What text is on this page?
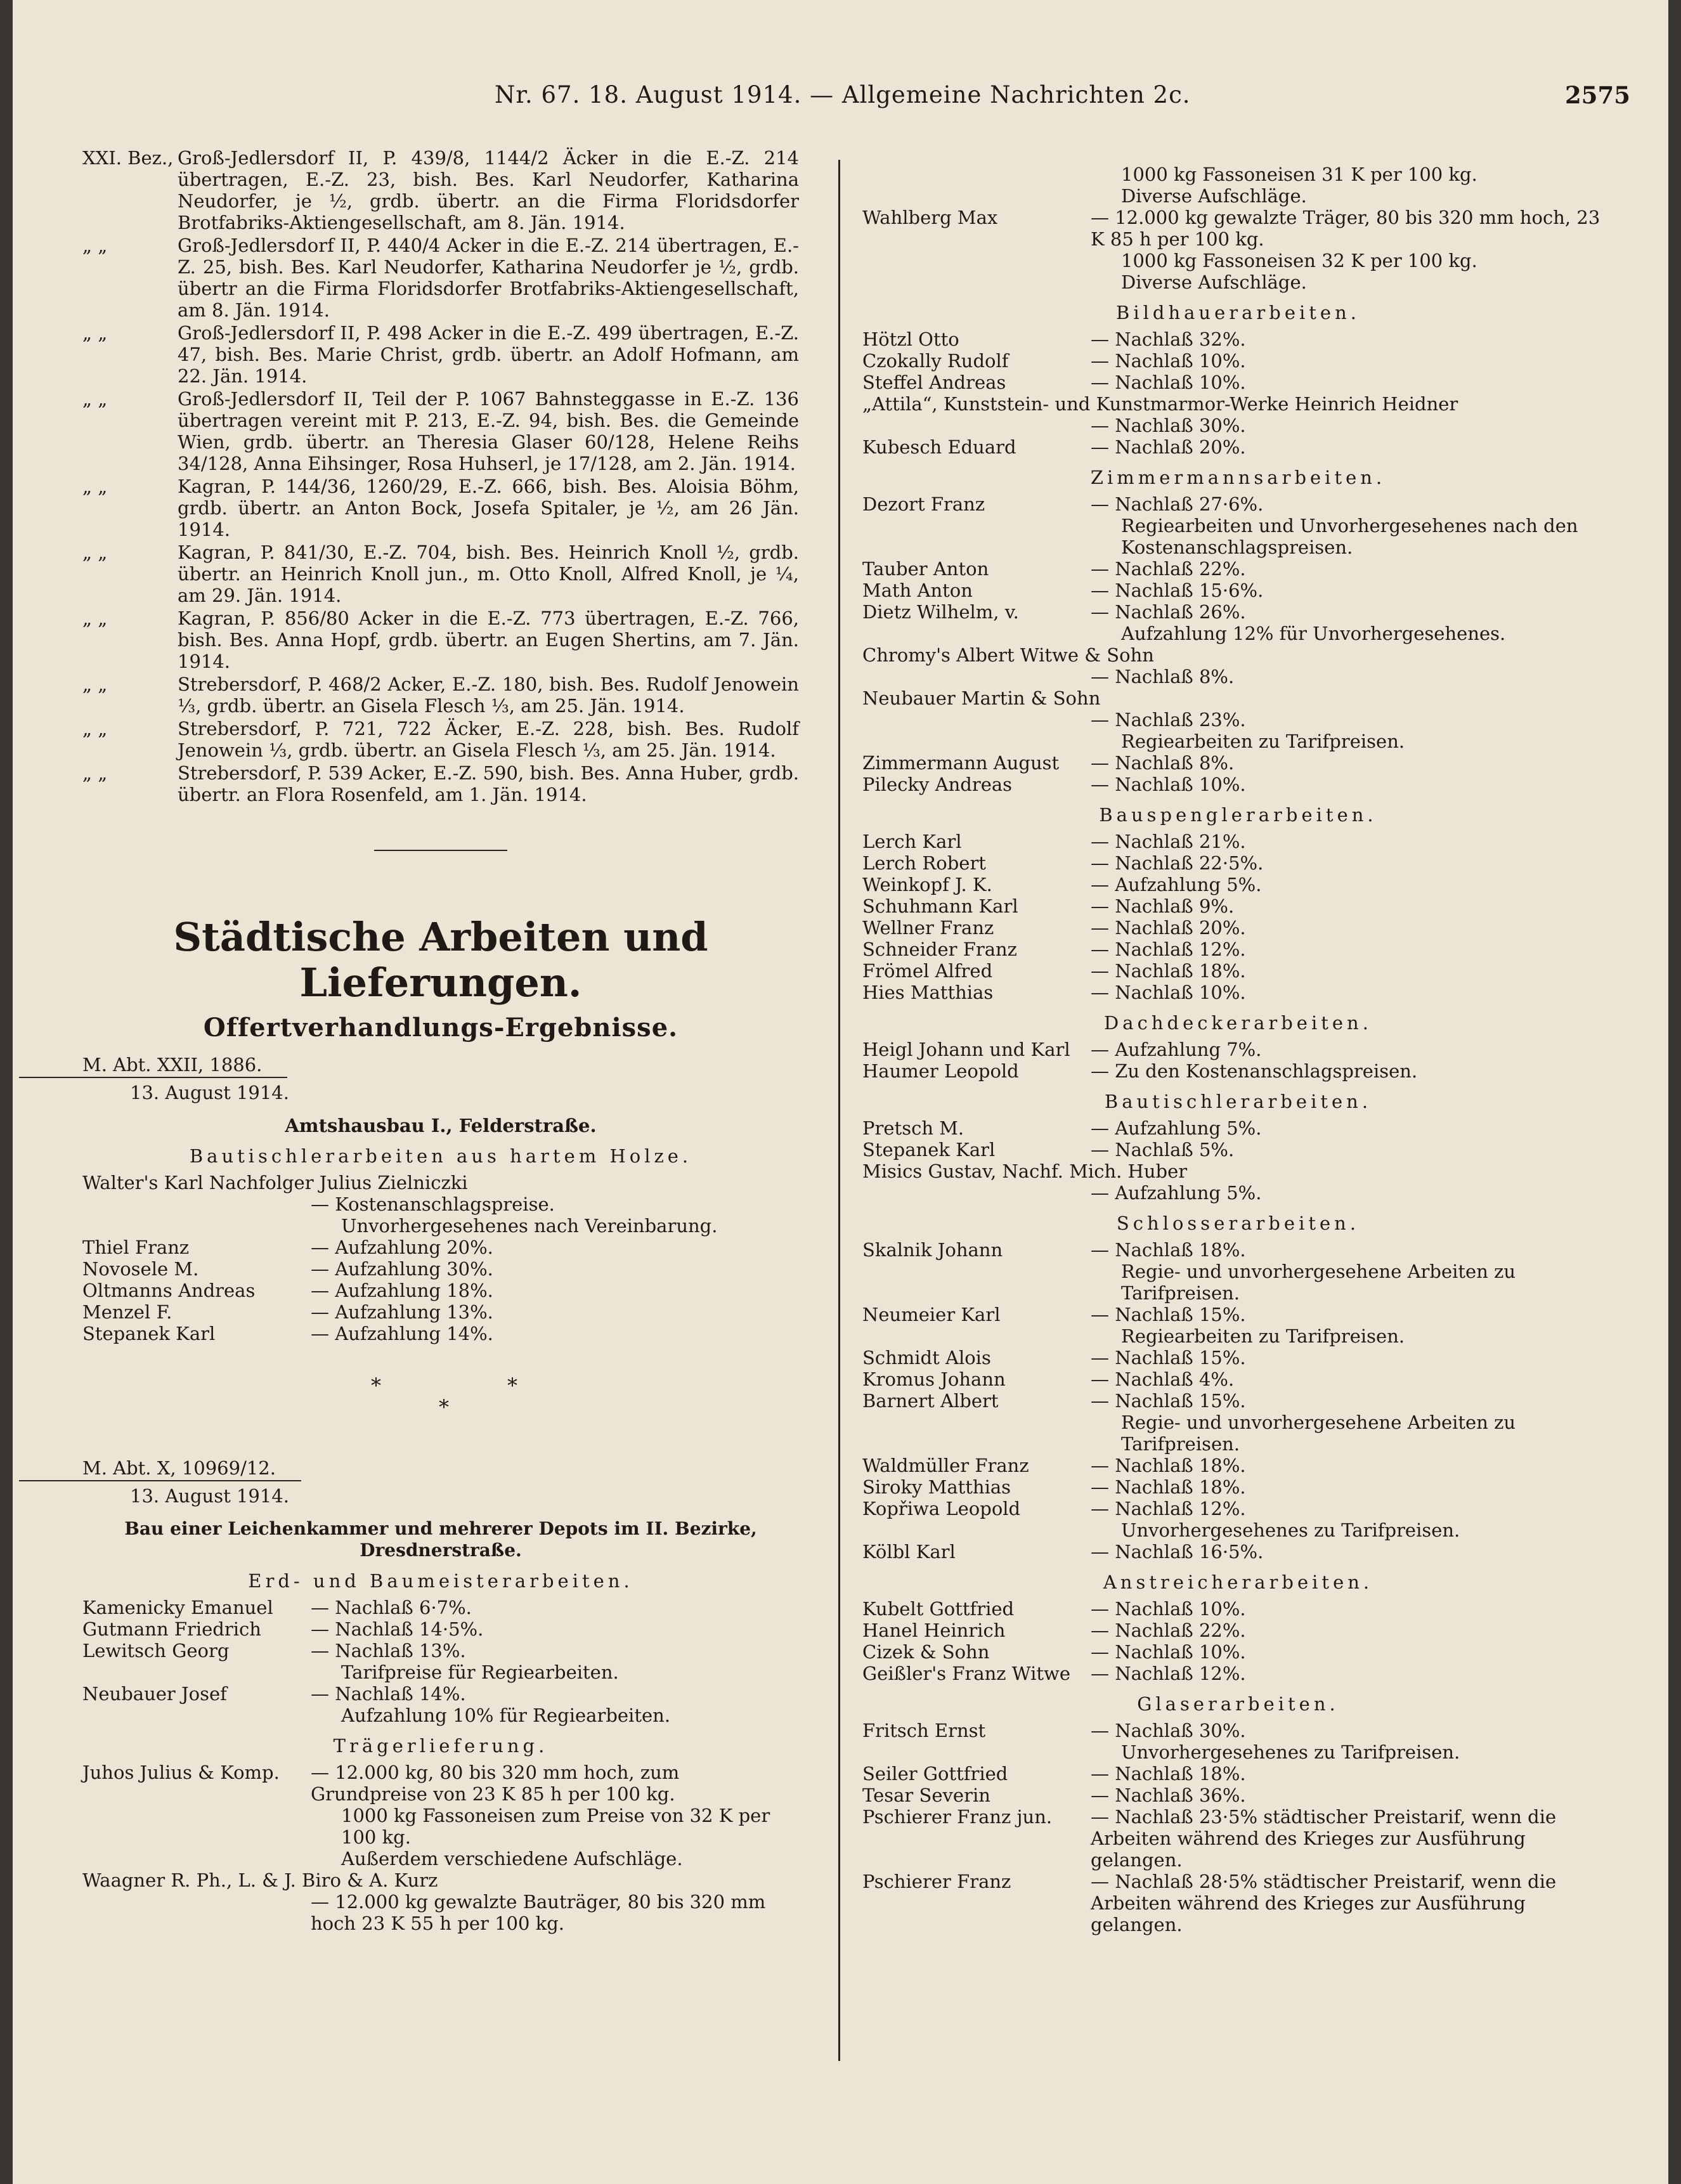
Nr. 67. 18. August 1914. — Allgemeine Nachrichten 2c.	2575
XXI. Bez., Groß-Jedlersdorf II, P. 439/8, 1144/2 Äcker in die E.-Z. 214 übertragen, E.-Z. 23, bish. Bes. Karl Neudorfer, Katharina Neudorfer, je ½, grdb. übertr. an die Firma Floridsdorfer Brotfabriks-Aktiengesellschaft, am 8. Jän. 1914.
„ „	Groß-Jedlersdorf II, P. 440/4 Acker in die E.-Z. 214 übertragen, E.-Z. 25, bish. Bes. Karl Neudorfer, Katharina Neudorfer je ½, grdb. übertr an die Firma Floridsdorfer Brotfabriks-Aktiengesellschaft, am 8. Jän. 1914.
„ „	Groß-Jedlersdorf II, P. 498 Acker in die E.-Z. 499 übertragen, E.-Z. 47, bish. Bes. Marie Christ, grdb. übertr. an Adolf Hofmann, am 22. Jän. 1914.
„ „	Groß-Jedlersdorf II, Teil der P. 1067 Bahnsteggasse in E.-Z. 136 übertragen vereint mit P. 213, E.-Z. 94, bish. Bes. die Gemeinde Wien, grdb. übertr. an Theresia Glaser 60/128, Helene Reihs 34/128, Anna Eihsinger, Rosa Huhserl, je 17/128, am 2. Jän. 1914.
„ „	Kagran, P. 144/36, 1260/29, E.-Z. 666, bish. Bes. Aloisia Böhm, grdb. übertr. an Anton Bock, Josefa Spitaler, je ½, am 26 Jän. 1914.
„ „	Kagran, P. 841/30, E.-Z. 704, bish. Bes. Heinrich Knoll ½, grdb. übertr. an Heinrich Knoll jun., m. Otto Knoll, Alfred Knoll, je ¼, am 29. Jän. 1914.
„ „	Kagran, P. 856/80 Acker in die E.-Z. 773 übertragen, E.-Z. 766, bish. Bes. Anna Hopf, grdb. übertr. an Eugen Shertins, am 7. Jän. 1914.
„ „	Strebersdorf, P. 468/2 Acker, E.-Z. 180, bish. Bes. Rudolf Jenowein ⅓, grdb. übertr. an Gisela Flesch ⅓, am 25. Jän. 1914.
„ „	Strebersdorf, P. 721, 722 Äcker, E.-Z. 228, bish. Bes. Rudolf Jenowein ⅓, grdb. übertr. an Gisela Flesch ⅓, am 25. Jän. 1914.
„ „	Strebersdorf, P. 539 Acker, E.-Z. 590, bish. Bes. Anna Huber, grdb. übertr. an Flora Rosenfeld, am 1. Jän. 1914.
Städtische Arbeiten und Lieferungen.
Offertverhandlungs-Ergebnisse.
M. Abt. XXII, 1886.
13. August 1914.
Amtshausbau I., Felderstraße.
Bautischlerarbeiten aus hartem Holze.
Walter's Karl Nachfolger Julius Zielniczki
— Kostenanschlagspreise.
Unvorhergesehenes nach Vereinbarung.
Thiel Franz	— Aufzahlung 20%.
Novosele M.	— Aufzahlung 30%.
Oltmanns Andreas	— Aufzahlung 18%.
Menzel F.	— Aufzahlung 13%.
Stepanek Karl	— Aufzahlung 14%.
*	*
*
M. Abt. X, 10969/12.
13. August 1914.
Bau einer Leichenkammer und mehrerer Depots im II. Bezirke, Dresdnerstraße.
Erd- und Baumeisterarbeiten.
Kamenicky Emanuel	— Nachlaß 6·7%.
Gutmann Friedrich	— Nachlaß 14·5%.
Lewitsch Georg	— Nachlaß 13%.
Tarifpreise für Regiearbeiten.
Neubauer Josef	— Nachlaß 14%.
Aufzahlung 10% für Regiearbeiten.
Trägerlieferung.
Juhos Julius & Komp.	— 12.000 kg, 80 bis 320 mm hoch, zum Grundpreise von 23 K 85 h per 100 kg.
1000 kg Fassoneisen zum Preise von 32 K per 100 kg.
Außerdem verschiedene Aufschläge.
Waagner R. Ph., L. & J. Biro & A. Kurz
— 12.000 kg gewalzte Bauträger, 80 bis 320 mm hoch 23 K 55 h per 100 kg.
1000 kg Fassoneisen 31 K per 100 kg.
Diverse Aufschläge.
Wahlberg Max	— 12.000 kg gewalzte Träger, 80 bis 320 mm hoch, 23 K 85 h per 100 kg.
1000 kg Fassoneisen 32 K per 100 kg.
Diverse Aufschläge.
Bildhauerarbeiten.
Hötzl Otto	— Nachlaß 32%.
Czokally Rudolf	— Nachlaß 10%.
Steffel Andreas	— Nachlaß 10%.
„Attila“, Kunststein- und Kunstmarmor-Werke Heinrich Heidner
— Nachlaß 30%.
Kubesch Eduard	— Nachlaß 20%.
Zimmermannsarbeiten.
Dezort Franz	— Nachlaß 27·6%.
Regiearbeiten und Unvorhergesehenes nach den Kostenanschlagspreisen.
Tauber Anton	— Nachlaß 22%.
Math Anton	— Nachlaß 15·6%.
Dietz Wilhelm, v.	— Nachlaß 26%.
Aufzahlung 12% für Unvorhergesehenes.
Chromy's Albert Witwe & Sohn
— Nachlaß 8%.
Neubauer Martin & Sohn
— Nachlaß 23%.
Regiearbeiten zu Tarifpreisen.
Zimmermann August	— Nachlaß 8%.
Pilecky Andreas	— Nachlaß 10%.
Bauspenglerarbeiten.
Lerch Karl	— Nachlaß 21%.
Lerch Robert	— Nachlaß 22·5%.
Weinkopf J. K.	— Aufzahlung 5%.
Schuhmann Karl	— Nachlaß 9%.
Wellner Franz	— Nachlaß 20%.
Schneider Franz	— Nachlaß 12%.
Frömel Alfred	— Nachlaß 18%.
Hies Matthias	— Nachlaß 10%.
Dachdeckerarbeiten.
Heigl Johann und Karl	— Aufzahlung 7%.
Haumer Leopold	— Zu den Kostenanschlagspreisen.
Bautischlerarbeiten.
Pretsch M.	— Aufzahlung 5%.
Stepanek Karl	— Nachlaß 5%.
Misics Gustav, Nachf. Mich. Huber
— Aufzahlung 5%.
Schlosserarbeiten.
Skalnik Johann	— Nachlaß 18%.
Regie- und unvorhergesehene Arbeiten zu Tarifpreisen.
Neumeier Karl	— Nachlaß 15%.
Regiearbeiten zu Tarifpreisen.
Schmidt Alois	— Nachlaß 15%.
Kromus Johann	— Nachlaß 4%.
Barnert Albert	— Nachlaß 15%.
Regie- und unvorhergesehene Arbeiten zu Tarifpreisen.
Waldmüller Franz	— Nachlaß 18%.
Siroky Matthias	— Nachlaß 18%.
Kopřiwa Leopold	— Nachlaß 12%.
Unvorhergesehenes zu Tarifpreisen.
Kölbl Karl	— Nachlaß 16·5%.
Anstreicherarbeiten.
Kubelt Gottfried	— Nachlaß 10%.
Hanel Heinrich	— Nachlaß 22%.
Cizek & Sohn	— Nachlaß 10%.
Geißler's Franz Witwe	— Nachlaß 12%.
Glaserarbeiten.
Fritsch Ernst	— Nachlaß 30%.
Unvorhergesehenes zu Tarifpreisen.
Seiler Gottfried	— Nachlaß 18%.
Tesar Severin	— Nachlaß 36%.
Pschierer Franz jun.	— Nachlaß 23·5% städtischer Preistarif, wenn die Arbeiten während des Krieges zur Ausführung gelangen.
Pschierer Franz	— Nachlaß 28·5% städtischer Preistarif, wenn die Arbeiten während des Krieges zur Ausführung gelangen.
